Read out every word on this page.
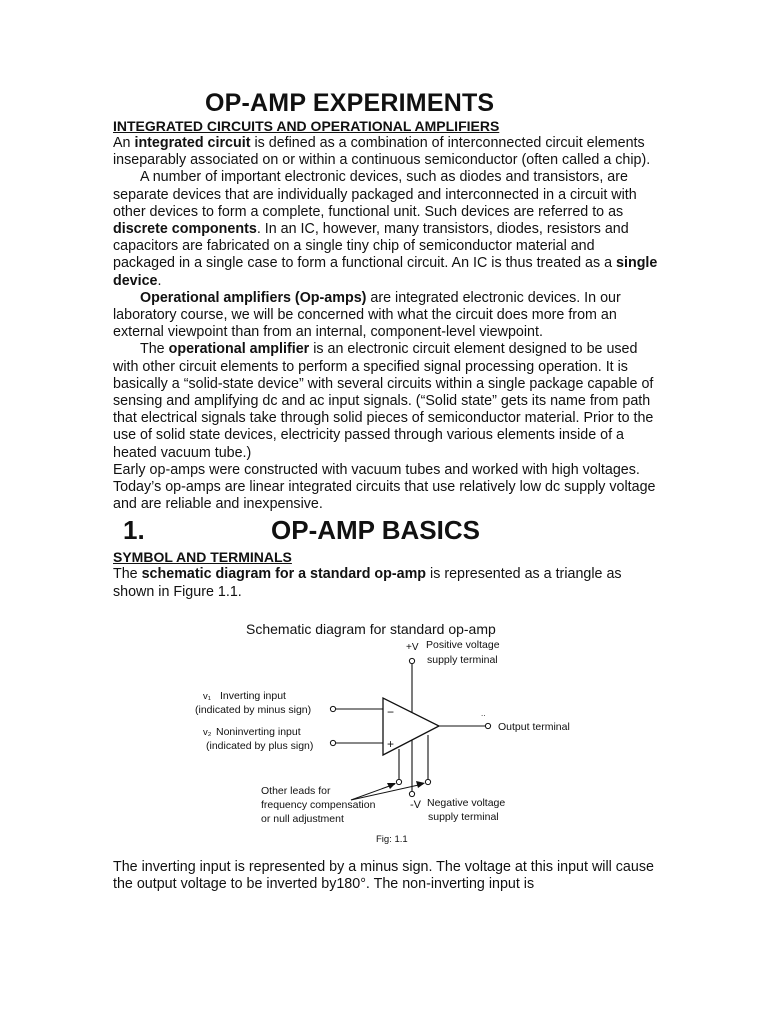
OP-AMP EXPERIMENTS
INTEGRATED CIRCUITS AND OPERATIONAL AMPLIFIERS

An integrated circuit is defined as a combination of interconnected circuit elements inseparably associated on or within a continuous semiconductor (often called a chip).

A number of important electronic devices, such as diodes and transistors, are separate devices that are individually packaged and interconnected in a circuit with other devices to form a complete, functional unit. Such devices are referred to as discrete components. In an IC, however, many transistors, diodes, resistors and capacitors are fabricated on a single tiny chip of semiconductor material and packaged in a single case to form a functional circuit. An IC is thus treated as a single device.

Operational amplifiers (Op-amps) are integrated electronic devices. In our laboratory course, we will be concerned with what the circuit does more from an external viewpoint than from an internal, component-level viewpoint.

The operational amplifier is an electronic circuit element designed to be used with other circuit elements to perform a specified signal processing operation. It is basically a “solid-state device” with several circuits within a single package capable of sensing and amplifying dc and ac input signals. (“Solid state” gets its name from path that electrical signals take through solid pieces of semiconductor material. Prior to the use of solid state devices, electricity passed through various elements inside of a heated vacuum tube.)

Early op-amps were constructed with vacuum tubes and worked with high voltages. Today’s op-amps are linear integrated circuits that use relatively low dc supply voltage and are reliable and inexpensive.

1.	OP-AMP BASICS
SYMBOL AND TERMINALS

The schematic diagram for a standard op-amp is represented as a triangle as shown in Figure 1.1.

Schematic diagram for standard op-amp
−
+
..
+V Positive voltage
supply terminal
v₁ Inverting input
(indicated by minus sign)
v₂ Noninverting input
(indicated by plus sign)
Output terminal
Other leads for
frequency compensation
or null adjustment
-V Negative voltage
supply terminal
Fig: 1.1

The inverting input is represented by a minus sign. The voltage at this input will cause the output voltage to be inverted by180°. The non-inverting input is
